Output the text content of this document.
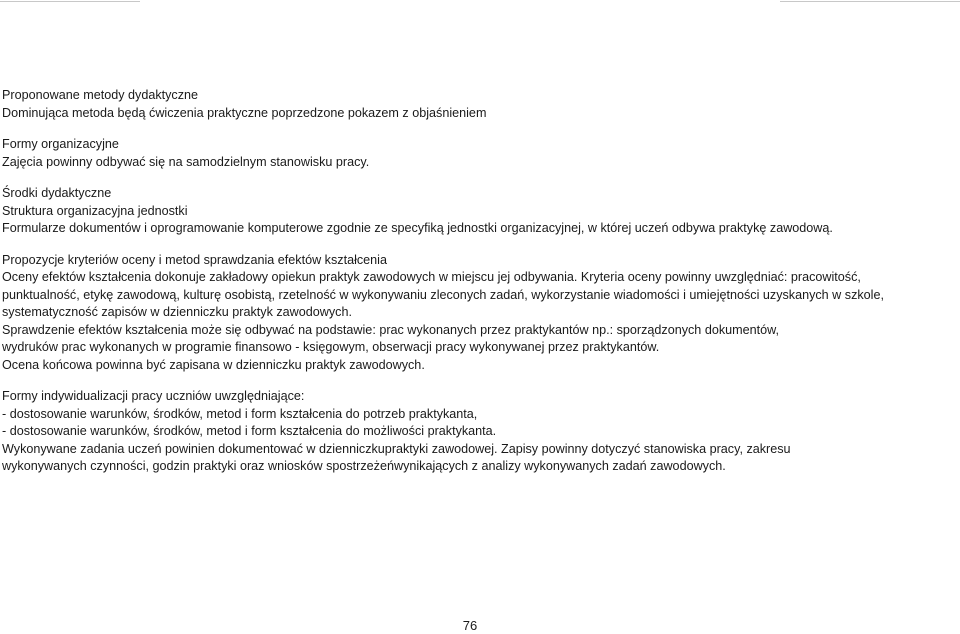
Proponowane metody dydaktyczne

Dominująca metoda będą ćwiczenia praktyczne poprzedzone pokazem z objaśnieniem

Formy organizacyjne

Zajęcia powinny odbywać się na samodzielnym stanowisku pracy.

Środki dydaktyczne

Struktura organizacyjna jednostki

Formularze dokumentów i oprogramowanie komputerowe zgodnie ze specyfiką jednostki organizacyjnej, w której uczeń odbywa praktykę zawodową.

Propozycje kryteriów oceny i metod sprawdzania efektów kształcenia

Oceny efektów kształcenia dokonuje zakładowy opiekun praktyk zawodowych w miejscu jej odbywania. Kryteria oceny powinny uwzględniać: pracowitość,

punktualność, etykę zawodową, kulturę osobistą, rzetelność w wykonywaniu zleconych zadań, wykorzystanie wiadomości i umiejętności uzyskanych w szkole,

systematyczność zapisów w dzienniczku praktyk zawodowych.

Sprawdzenie efektów kształcenia może się odbywać na podstawie: prac wykonanych przez praktykantów np.: sporządzonych dokumentów,

wydruków prac wykonanych w programie finansowo - księgowym, obserwacji pracy wykonywanej przez praktykantów.

Ocena końcowa powinna być zapisana w dzienniczku praktyk zawodowych.

Formy indywidualizacji pracy uczniów uwzględniające:

- dostosowanie warunków, środków, metod i form kształcenia do potrzeb praktykanta,

- dostosowanie warunków, środków, metod i form kształcenia do możliwości praktykanta.

Wykonywane zadania uczeń powinien dokumentować w dzienniczkupraktyki zawodowej. Zapisy powinny dotyczyć stanowiska pracy, zakresu

wykonywanych czynności, godzin praktyki oraz wniosków spostrzeżeńwynikających z analizy wykonywanych zadań zawodowych.

76
